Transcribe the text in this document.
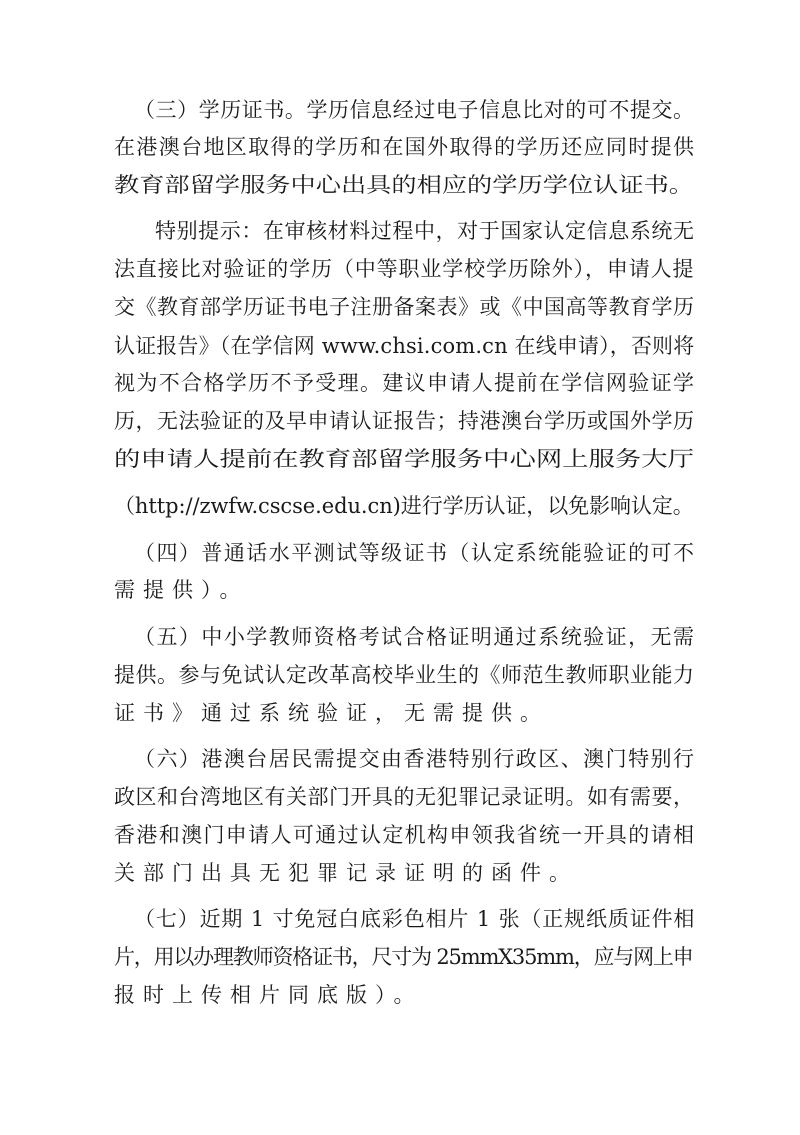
（三）学历证书。学历信息经过电子信息比对的可不提交。
在港澳台地区取得的学历和在国外取得的学历还应同时提供
教育部留学服务中心出具的相应的学历学位认证书。
特别提示：在审核材料过程中，对于国家认定信息系统无
法直接比对验证的学历（中等职业学校学历除外），申请人提
交《教育部学历证书电子注册备案表》或《中国高等教育学历
认证报告》（在学信网 www.chsi.com.cn 在线申请），否则将
视为不合格学历不予受理。建议申请人提前在学信网验证学
历，无法验证的及早申请认证报告；持港澳台学历或国外学历
的申请人提前在教育部留学服务中心网上服务大厅
（http://zwfw.cscse.edu.cn)进行学历认证，以免影响认定。
（四）普通话水平测试等级证书（认定系统能验证的可不
需提供）。
（五）中小学教师资格考试合格证明通过系统验证，无需
提供。参与免试认定改革高校毕业生的《师范生教师职业能力
证书》通过系统验证，无需提供。
（六）港澳台居民需提交由香港特别行政区、澳门特别行
政区和台湾地区有关部门开具的无犯罪记录证明。如有需要，
香港和澳门申请人可通过认定机构申领我省统一开具的请相
关部门出具无犯罪记录证明的函件。
（七）近期 1 寸免冠白底彩色相片 1 张（正规纸质证件相
片，用以办理教师资格证书，尺寸为 25mmX35mm，应与网上申
报时上传相片同底版）。
